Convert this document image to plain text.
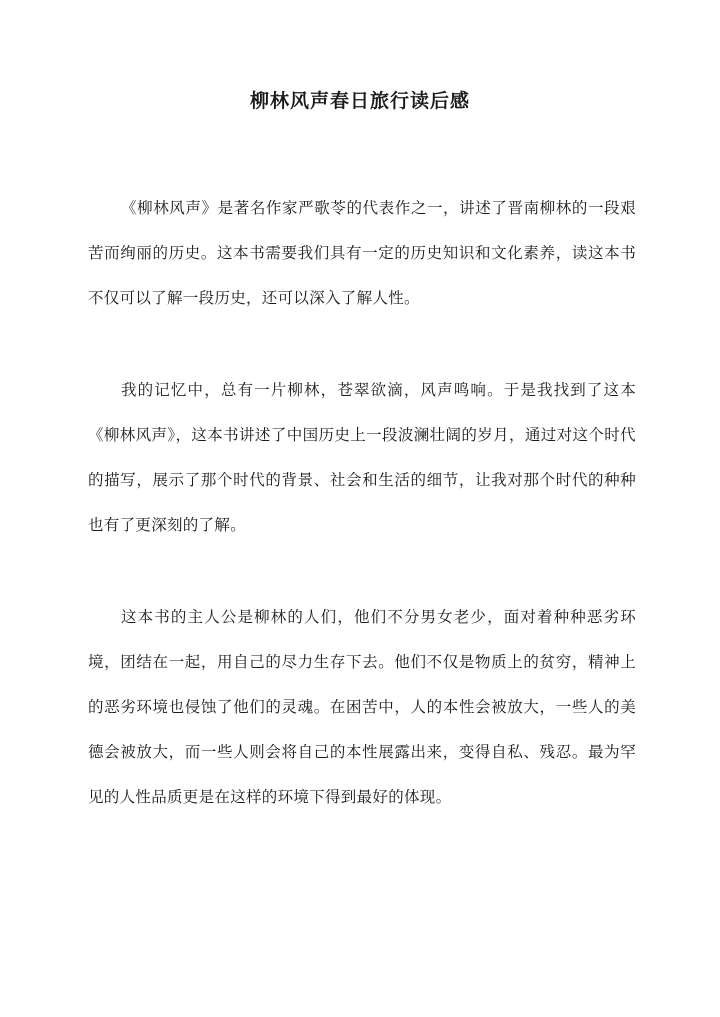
柳林风声春日旅行读后感
《柳林风声》是著名作家严歌苓的代表作之一，讲述了晋南柳林的一段艰苦而绚丽的历史。这本书需要我们具有一定的历史知识和文化素养，读这本书不仅可以了解一段历史，还可以深入了解人性。
我的记忆中，总有一片柳林，苍翠欲滴，风声鸣响。于是我找到了这本《柳林风声》，这本书讲述了中国历史上一段波澜壮阔的岁月，通过对这个时代的描写，展示了那个时代的背景、社会和生活的细节，让我对那个时代的种种也有了更深刻的了解。
这本书的主人公是柳林的人们，他们不分男女老少，面对着种种恶劣环境，团结在一起，用自己的尽力生存下去。他们不仅是物质上的贫穷，精神上的恶劣环境也侵蚀了他们的灵魂。在困苦中，人的本性会被放大，一些人的美德会被放大，而一些人则会将自己的本性展露出来，变得自私、残忍。最为罕见的人性品质更是在这样的环境下得到最好的体现。
